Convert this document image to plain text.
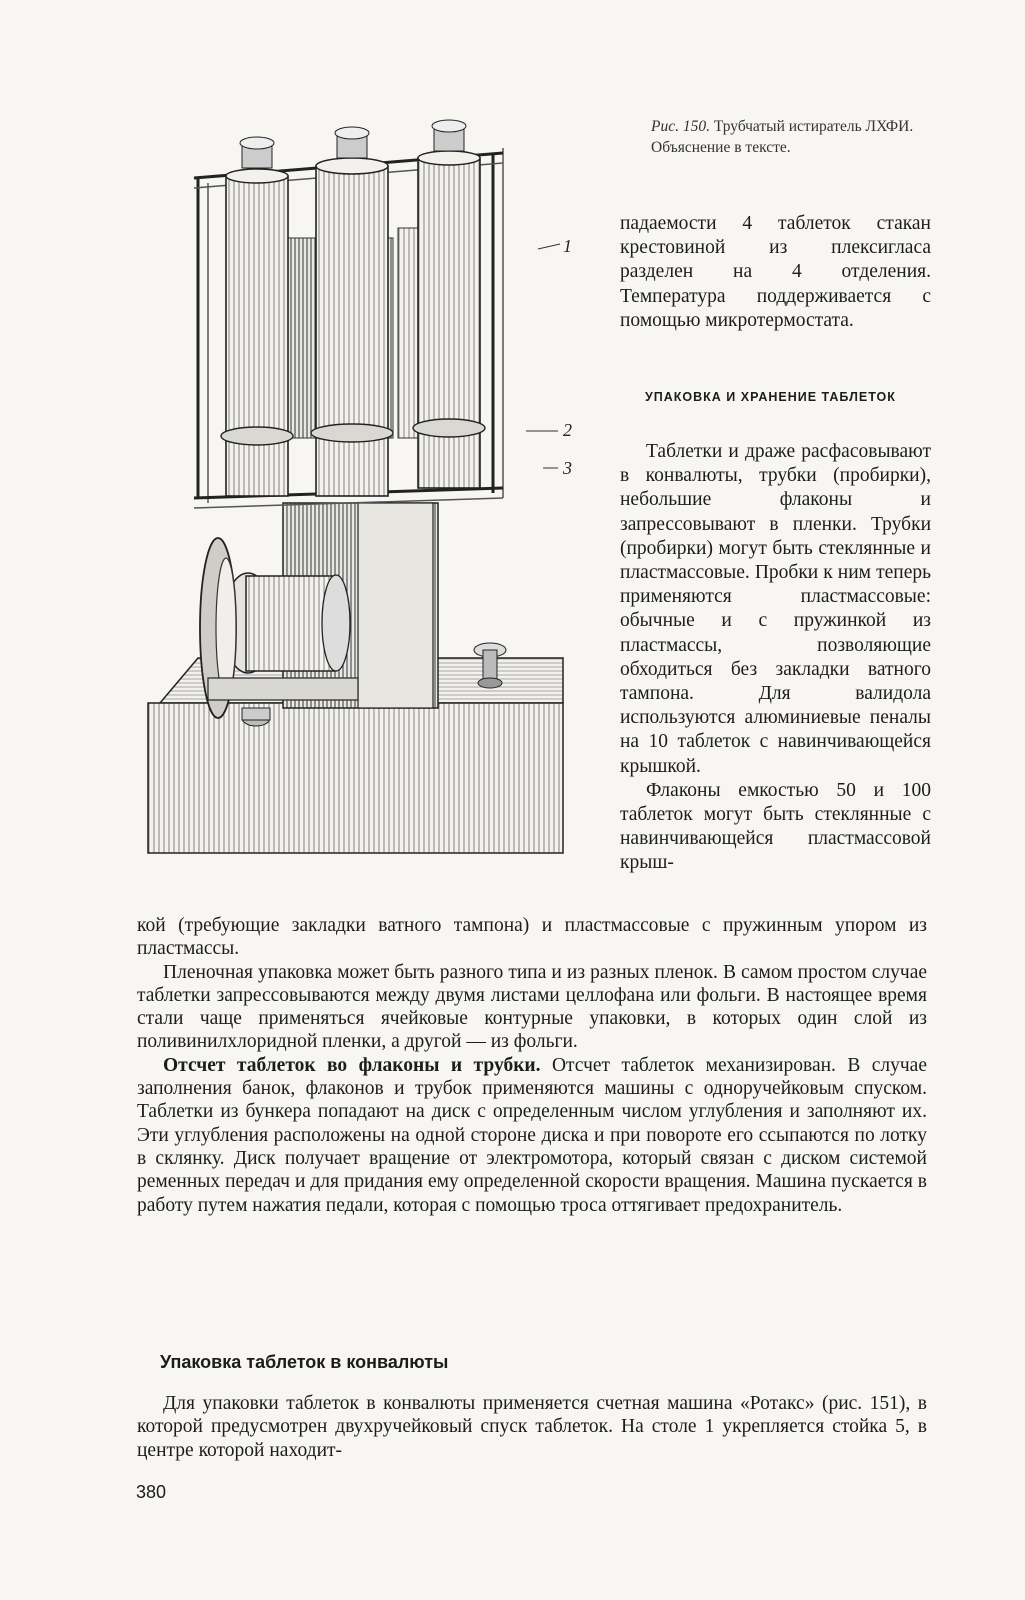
1
2
3
Рис. 150. Трубчатый истиратель ЛХФИ. Объяснение в тексте.

падаемости 4 таблеток стакан крестовиной из плексигласа разделен на 4 отделения. Температура поддерживается с помощью микротермостата.

УПАКОВКА И ХРАНЕНИЕ ТАБЛЕТОК

Таблетки и драже расфасовывают в конвалюты, трубки (пробирки), небольшие флаконы и запрессовывают в пленки. Трубки (пробирки) могут быть стеклянные и пластмассовые. Пробки к ним теперь применяются пластмассовые: обычные и с пружинкой из пластмассы, позволяющие обходиться без закладки ватного тампона. Для валидола используются алюминиевые пеналы на 10 таблеток с навинчивающейся крышкой.

Флаконы емкостью 50 и 100 таблеток могут быть стеклянные с навинчивающейся пластмассовой крыш-

кой (требующие закладки ватного тампона) и пластмассовые с пружинным упором из пластмассы.

Пленочная упаковка может быть разного типа и из разных пленок. В самом простом случае таблетки запрессовываются между двумя листами целлофана или фольги. В настоящее время стали чаще применяться ячейковые контурные упаковки, в которых один слой из поливинилхлоридной пленки, а другой — из фольги.

Отсчет таблеток во флаконы и трубки. Отсчет таблеток механизирован. В случае заполнения банок, флаконов и трубок применяются машины с одноручейковым спуском. Таблетки из бункера попадают на диск с определенным числом углубления и заполняют их. Эти углубления расположены на одной стороне диска и при повороте его ссыпаются по лотку в склянку. Диск получает вращение от электромотора, который связан с диском системой ременных передач и для придания ему определенной скорости вращения. Машина пускается в работу путем нажатия педали, которая с помощью троса оттягивает предохранитель.

Упаковка таблеток в конвалюты

Для упаковки таблеток в конвалюты применяется счетная машина «Ротакс» (рис. 151), в которой предусмотрен двухручейковый спуск таблеток. На столе 1 укрепляется стойка 5, в центре которой находит-

380
